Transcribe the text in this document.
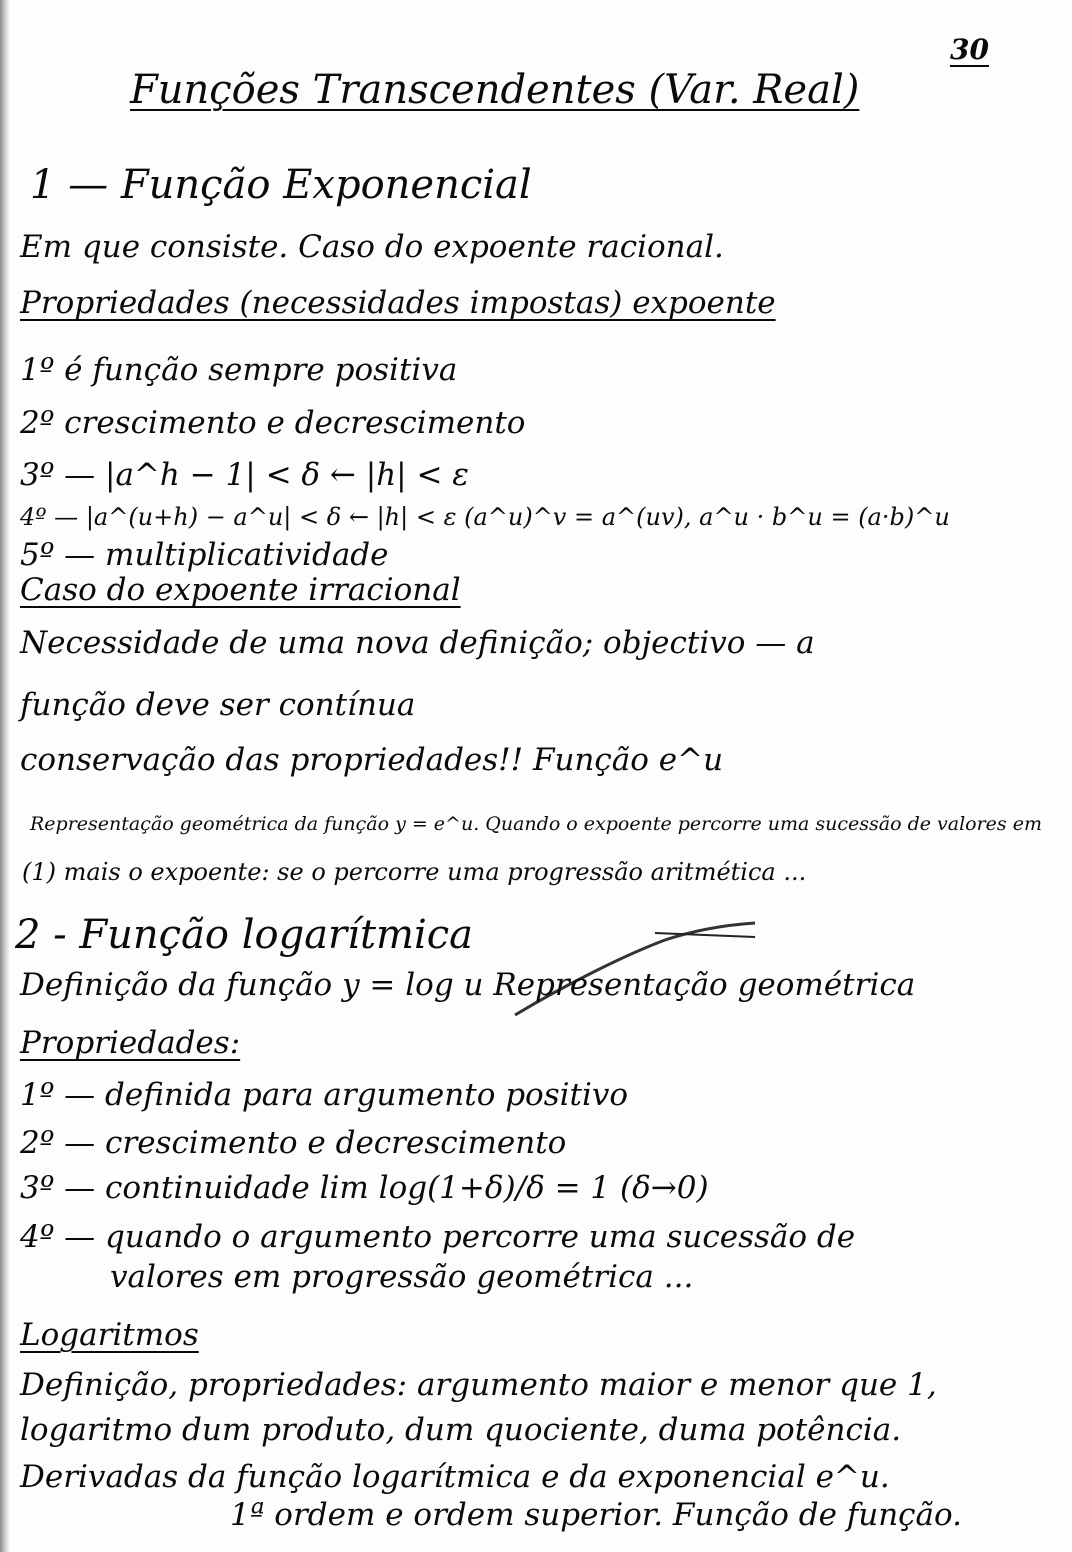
30
Funções Transcendentes (Var. Real)
1 — Função Exponencial
Em que consiste. Caso do expoente racional.
Propriedades (necessidades impostas) expoente
1º é função sempre positiva
2º crescimento e decrescimento
3º — |a^h − 1| < δ ← |h| < ε
4º — |a^(u+h) − a^u| < δ ← |h| < ε (a^u)^v = a^(uv), a^u · b^u = (a·b)^u
5º — multiplicatividade
Caso do expoente irracional
Necessidade de uma nova definição; objectivo — a
função deve ser contínua
conservação das propriedades!! Função e^u
Representação geométrica da função y = e^u. Quando o expoente percorre uma sucessão de valores em
(1) mais o expoente: se o percorre uma progressão aritmética ...
2 - Função logarítmica
Definição da função y = log u Representação geométrica
Propriedades:
1º — definida para argumento positivo
2º — crescimento e decrescimento
3º — continuidade lim log(1+δ)/δ = 1 (δ→0)
4º — quando o argumento percorre uma sucessão de
valores em progressão geométrica ...
Logaritmos
Definição, propriedades: argumento maior e menor que 1,
logaritmo dum produto, dum quociente, duma potência.
Derivadas da função logarítmica e da exponencial e^u.
1ª ordem e ordem superior. Função de função.
